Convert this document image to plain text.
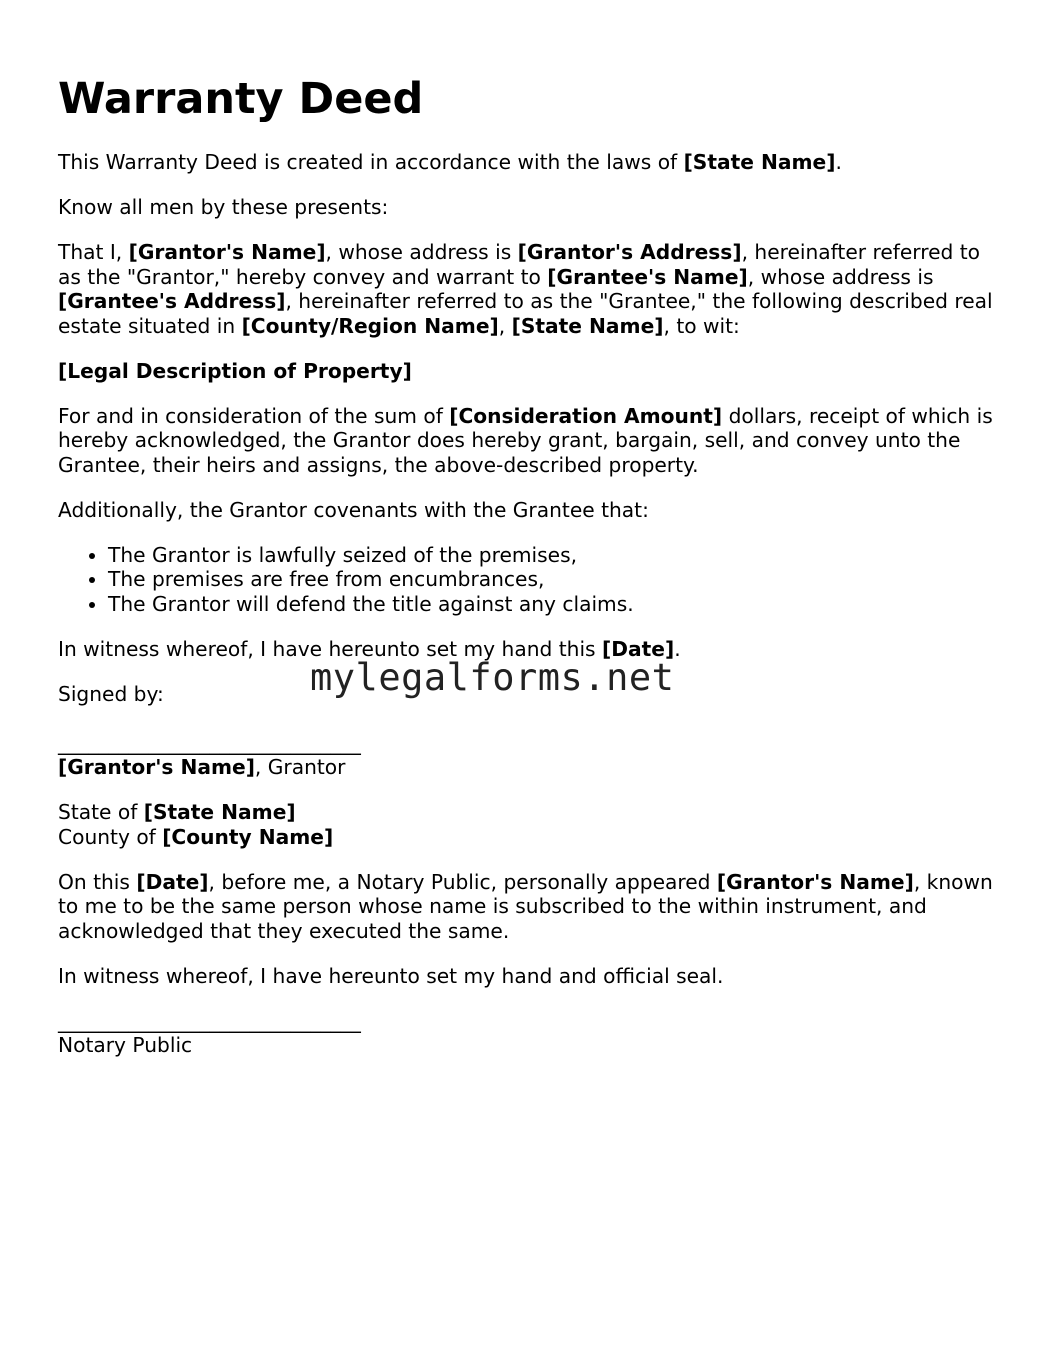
Warranty Deed

This Warranty Deed is created in accordance with the laws of [State Name].

Know all men by these presents:

That I, [Grantor's Name], whose address is [Grantor's Address], hereinafter referred to as the "Grantor," hereby convey and warrant to [Grantee's Name], whose address is [Grantee's Address], hereinafter referred to as the "Grantee," the following described real estate situated in [County/Region Name], [State Name], to wit:

[Legal Description of Property]

For and in consideration of the sum of [Consideration Amount] dollars, receipt of which is hereby acknowledged, the Grantor does hereby grant, bargain, sell, and convey unto the Grantee, their heirs and assigns, the above-described property.

Additionally, the Grantor covenants with the Grantee that:

• The Grantor is lawfully seized of the premises,
• The premises are free from encumbrances,
• The Grantor will defend the title against any claims.

In witness whereof, I have hereunto set my hand this [Date].

Signed by:

______________________________
[Grantor's Name], Grantor

State of [State Name]
County of [County Name]

On this [Date], before me, a Notary Public, personally appeared [Grantor's Name], known to me to be the same person whose name is subscribed to the within instrument, and acknowledged that they executed the same.

In witness whereof, I have hereunto set my hand and official seal.

______________________________
Notary Public

mylegalforms.net
